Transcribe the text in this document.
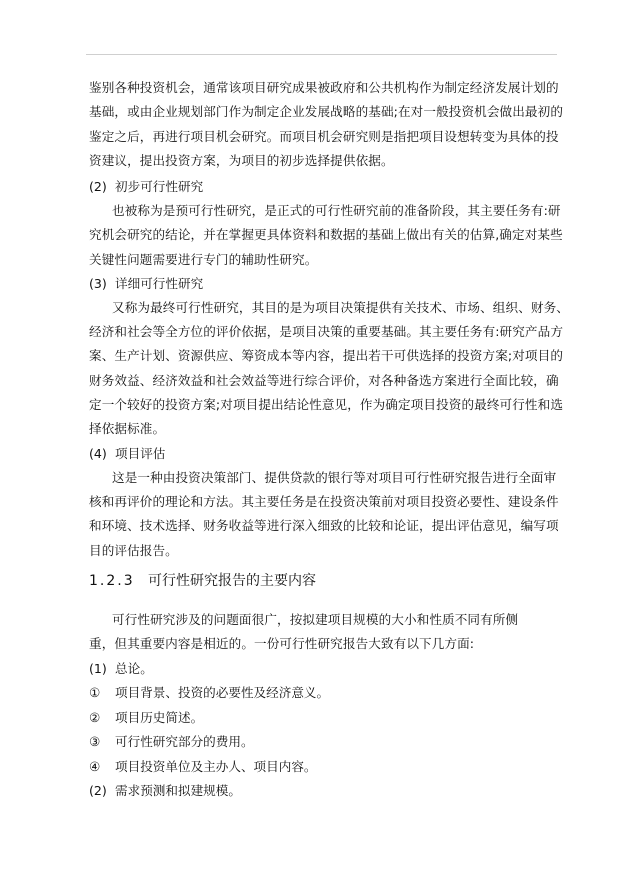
鉴别各种投资机会，通常该项目研究成果被政府和公共机构作为制定经济发展计划的
基础，或由企业规划部门作为制定企业发展战略的基础;在对一般投资机会做出最初的
鉴定之后，再进行项目机会研究。而项目机会研究则是指把项目设想转变为具体的投
资建议，提出投资方案，为项目的初步选择提供依据。
(2) 初步可行性研究
也被称为是预可行性研究，是正式的可行性研究前的准备阶段，其主要任务有:研
究机会研究的结论，并在掌握更具体资料和数据的基础上做出有关的估算,确定对某些
关键性问题需要进行专门的辅助性研究。
(3) 详细可行性研究
又称为最终可行性研究，其目的是为项目决策提供有关技术、市场、组织、财务、
经济和社会等全方位的评价依据，是项目决策的重要基础。其主要任务有:研究产品方
案、生产计划、资源供应、筹资成本等内容，提出若干可供选择的投资方案;对项目的
财务效益、经济效益和社会效益等进行综合评价，对各种备选方案进行全面比较，确
定一个较好的投资方案;对项目提出结论性意见，作为确定项目投资的最终可行性和选
择依据标准。
(4) 项目评估
这是一种由投资决策部门、提供贷款的银行等对项目可行性研究报告进行全面审
核和再评价的理论和方法。其主要任务是在投资决策前对项目投资必要性、建设条件
和环境、技术选择、财务收益等进行深入细致的比较和论证，提出评估意见，编写项
目的评估报告。
1.2.3 可行性研究报告的主要内容
可行性研究涉及的问题面很广，按拟建项目规模的大小和性质不同有所侧
重，但其重要内容是相近的。一份可行性研究报告大致有以下几方面:
(1) 总论。
①	项目背景、投资的必要性及经济意义。
②	项目历史简述。
③	可行性研究部分的费用。
④	项目投资单位及主办人、项目内容。
(2) 需求预测和拟建规模。
